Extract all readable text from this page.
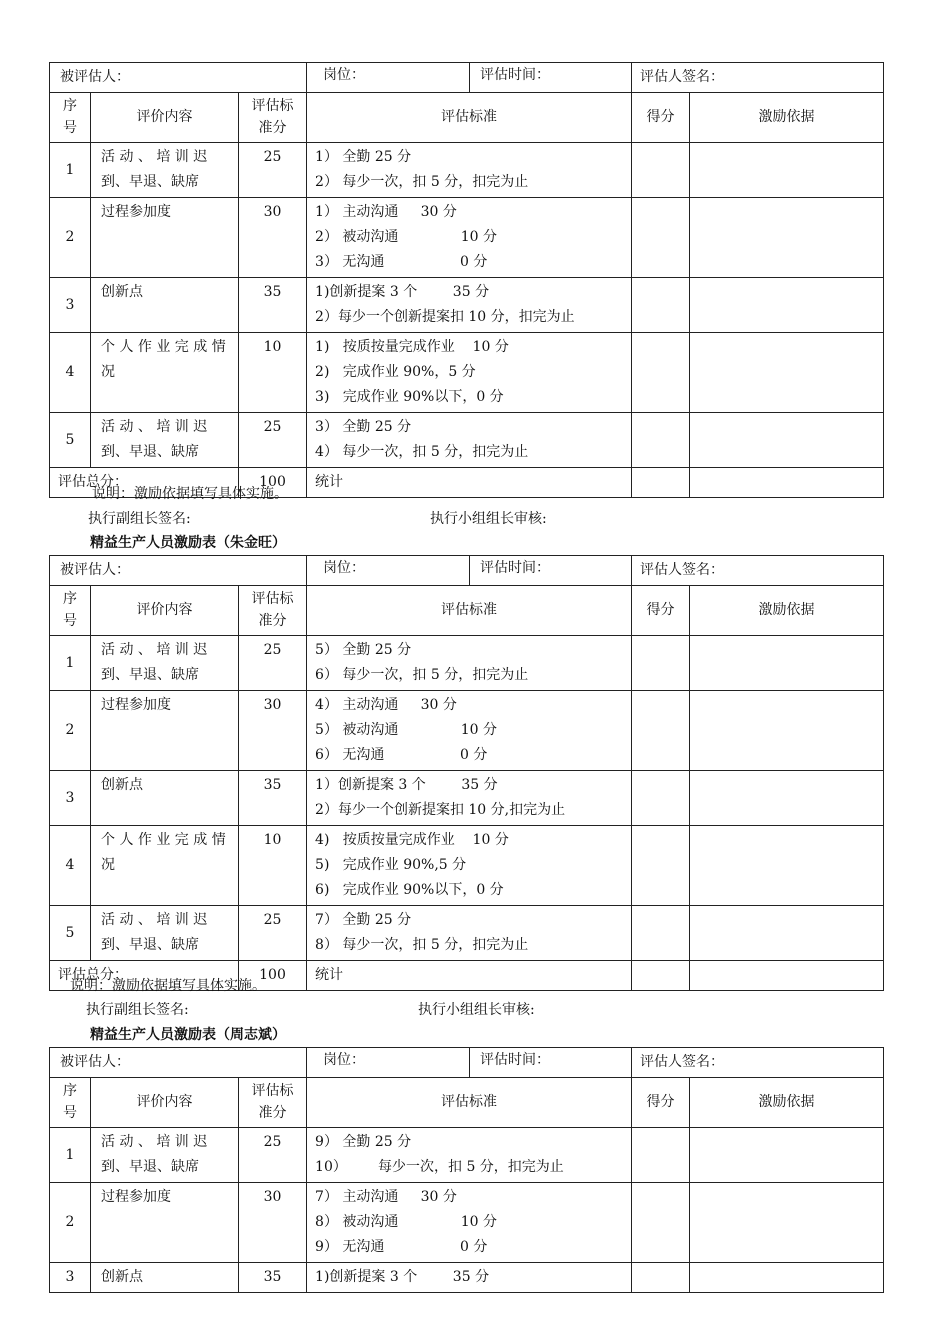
被评估人：			岗位： 评估时间：	评估人签名：	
序号	评价内容	评估标准分	评估标准	得分	激励依据
1	活 动 、 培 训 迟到、早退、缺席	25	1） 全勤 25 分
2） 每少一次，扣 5 分，扣完为止		

2	过程参加度	30	1） 主动沟通     30 分
2） 被动沟通              10 分
3） 无沟通                 0 分		

3	创新点	35	1)创新提案 3 个        35 分
2）每少一个创新提案扣 10 分，扣完为止		

4	个 人 作 业 完 成 情况	10	1)   按质按量完成作业    10 分
2)   完成作业 90%，5 分
3)   完成作业 90%以下，0 分		

5	活 动 、 培 训 迟到、早退、缺席	25	3） 全勤 25 分
4） 每少一次，扣 5 分，扣完为止		

评估总分：		100	统计		
被评估人：			岗位： 评估时间：	评估人签名：	
序号	评价内容	评估标准分	评估标准	得分	激励依据
1	活 动 、 培 训 迟到、早退、缺席	25	5） 全勤 25 分
6） 每少一次，扣 5 分，扣完为止		

2	过程参加度	30	4） 主动沟通     30 分
5） 被动沟通              10 分
6） 无沟通                 0 分		

3	创新点	35	1）创新提案 3 个        35 分
2）每少一个创新提案扣 10 分,扣完为止		

4	个 人 作 业 完 成 情况	10	4)   按质按量完成作业    10 分
5)   完成作业 90%,5 分
6)   完成作业 90%以下，0 分		

5	活 动 、 培 训 迟到、早退、缺席	25	7） 全勤 25 分
8） 每少一次，扣 5 分，扣完为止		

评估总分：		100	统计		
被评估人：			岗位： 评估时间：	评估人签名：	
序号	评价内容	评估标准分	评估标准	得分	激励依据
1	活 动 、 培 训 迟到、早退、缺席	25	9） 全勤 25 分
10）       每少一次，扣 5 分，扣完为止		

2	过程参加度	30	7） 主动沟通     30 分
8） 被动沟通              10 分
9） 无沟通                 0 分		

3	创新点	35	1)创新提案 3 个        35 分		

说明：激励依据填写具体实施。
执行副组长签名:	执行小组组长审核:
精益生产人员激励表（朱金旺）
说明：激励依据填写具体实施。
执行副组长签名:	执行小组组长审核:
精益生产人员激励表（周志斌）
